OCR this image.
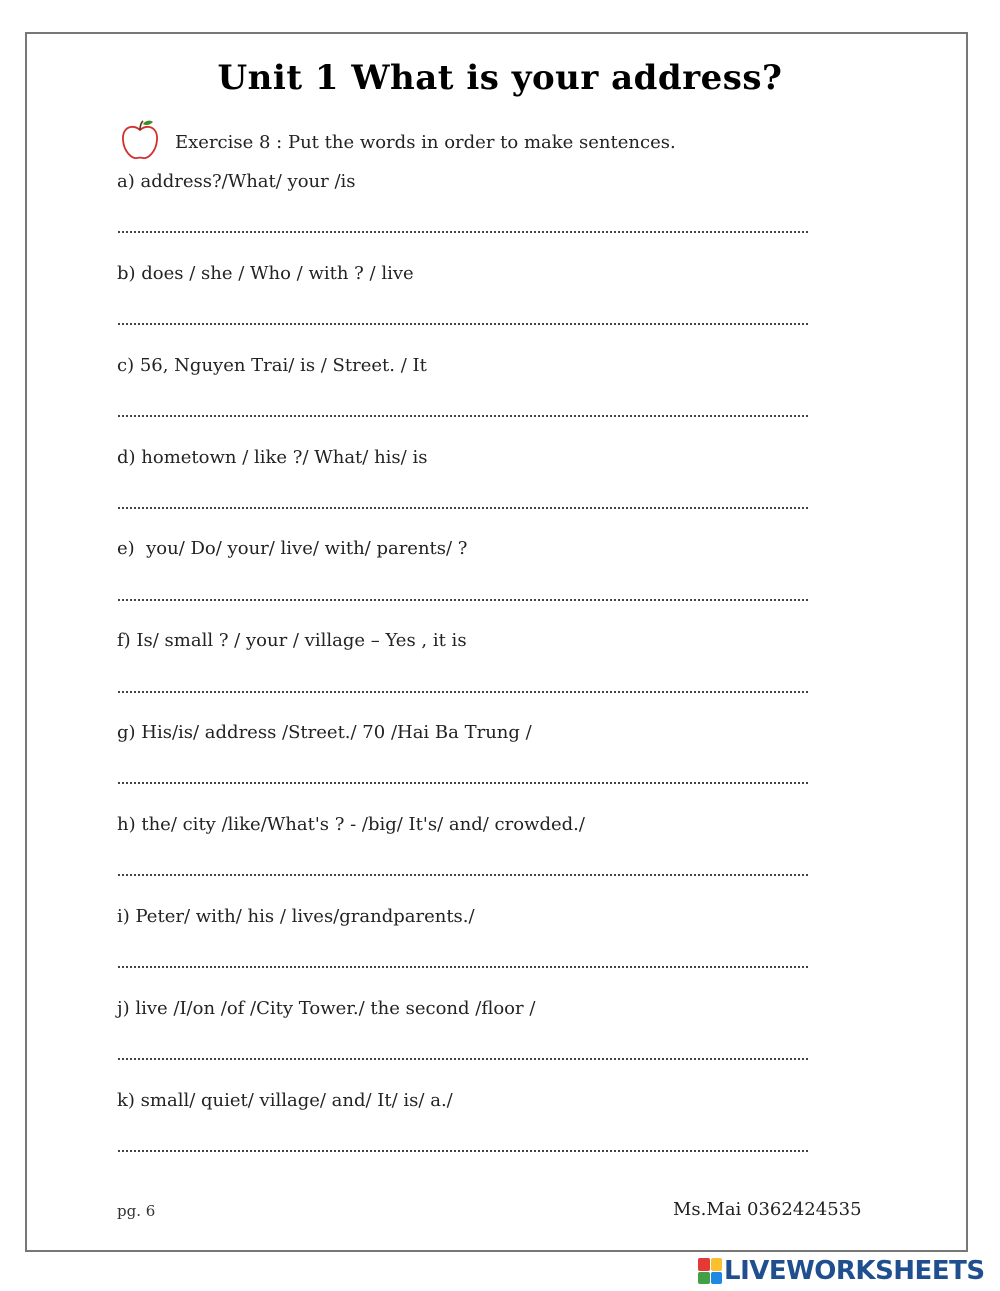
Unit 1 What is your address?
Exercise 8 : Put the words in order to make sentences.
a) address?/What/ your /is
b) does / she / Who / with ? / live
c) 56, Nguyen Trai/ is / Street. / It
d) hometown / like ?/ What/ his/ is
e)  you/ Do/ your/ live/ with/ parents/ ?
f) Is/ small ? / your / village – Yes , it is
g) His/is/ address /Street./ 70 /Hai Ba Trung /
h) the/ city /like/What's ? - /big/ It's/ and/ crowded./
i) Peter/ with/ his / lives/grandparents./
j) live /I/on /of /City Tower./ the second /floor /
k) small/ quiet/ village/ and/ It/ is/ a./
pg. 6	Ms.Mai 0362424535
LIVEWORKSHEETS
